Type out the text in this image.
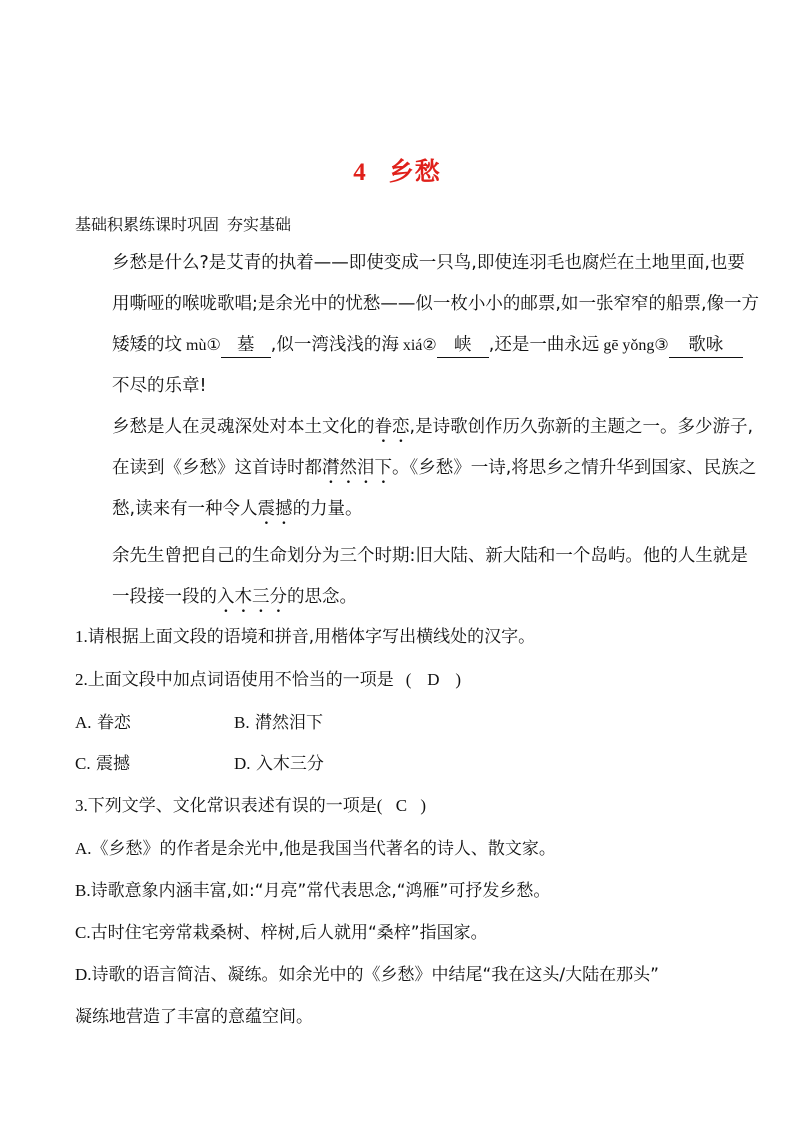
4 乡愁
基础积累练课时巩固 夯实基础
乡愁是什么?是艾青的执着——即使变成一只鸟,即使连羽毛也腐烂在土地里面,也要用嘶哑的喉咙歌唱;是余光中的忧愁——似一枚小小的邮票,如一张窄窄的船票,像一方矮矮的坟 mù① 墓 ,似一湾浅浅的海 xiá② 峡 ,还是一曲永远 gē yǒng③ 歌咏不尽的乐章!
乡愁是人在灵魂深处对本土文化的眷恋,是诗歌创作历久弥新的主题之一。多少游子,在读到《乡愁》这首诗时都潸然泪下。《乡愁》一诗,将思乡之情升华到国家、民族之愁,读来有一种令人震撼的力量。
余先生曾把自己的生命划分为三个时期:旧大陆、新大陆和一个岛屿。他的人生就是一段接一段的入木三分的思念。
1.请根据上面文段的语境和拼音,用楷体字写出横线处的汉字。
2.上面文段中加点词语使用不恰当的一项是 ( D )
A. 眷恋	B. 潸然泪下
C. 震撼	D. 入木三分
3.下列文学、文化常识表述有误的一项是( C )
A.《乡愁》的作者是余光中,他是我国当代著名的诗人、散文家。
B.诗歌意象内涵丰富,如:“月亮”常代表思念,“鸿雁”可抒发乡愁。
C.古时住宅旁常栽桑树、梓树,后人就用“桑梓”指国家。
D.诗歌的语言简洁、凝练。如余光中的《乡愁》中结尾“我在这头/大陆在那头”
凝练地营造了丰富的意蕴空间。
